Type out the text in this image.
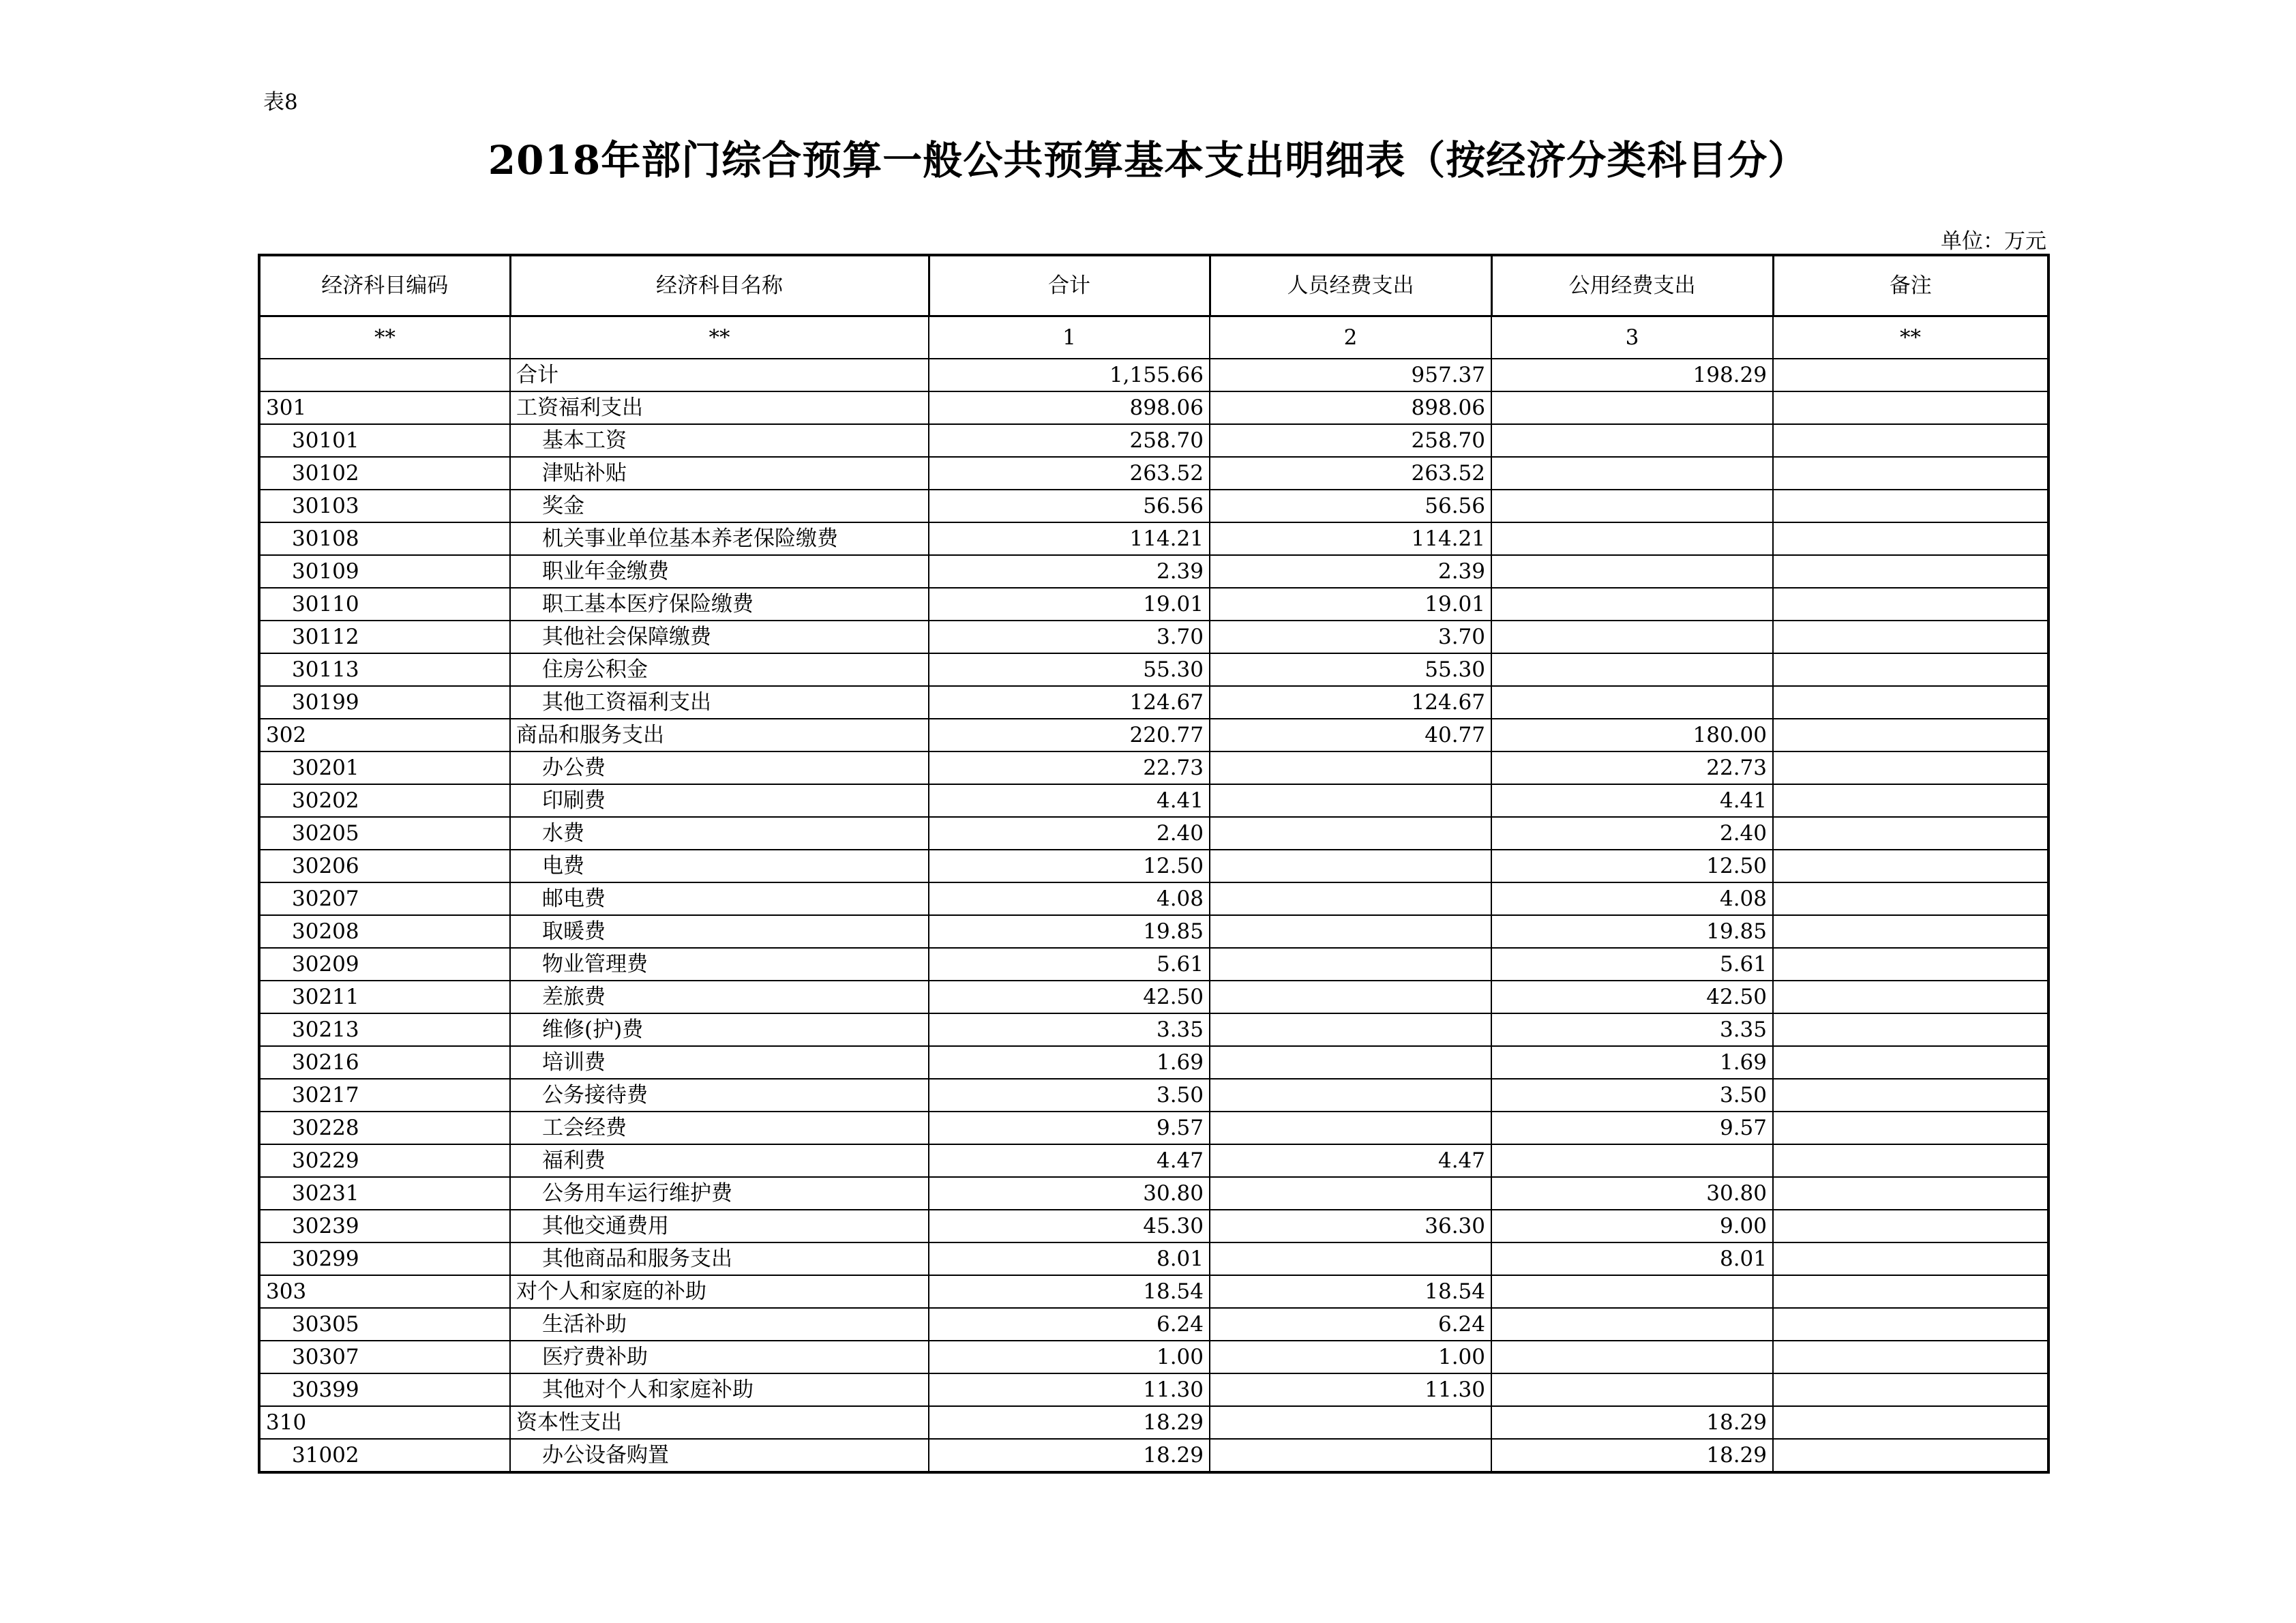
表8
2018年部门综合预算一般公共预算基本支出明细表（按经济分类科目分）
单位：万元
经济科目编码	经济科目名称	合计	人员经费支出	公用经费支出	备注
**	**	1	2	3	**
	合计	1,155.66	957.37	198.29	
301	工资福利支出	898.06	898.06		
30101	基本工资	258.70	258.70		
30102	津贴补贴	263.52	263.52		
30103	奖金	56.56	56.56		
30108	机关事业单位基本养老保险缴费	114.21	114.21		
30109	职业年金缴费	2.39	2.39		
30110	职工基本医疗保险缴费	19.01	19.01		
30112	其他社会保障缴费	3.70	3.70		
30113	住房公积金	55.30	55.30		
30199	其他工资福利支出	124.67	124.67		
302	商品和服务支出	220.77	40.77	180.00	
30201	办公费	22.73		22.73	
30202	印刷费	4.41		4.41	
30205	水费	2.40		2.40	
30206	电费	12.50		12.50	
30207	邮电费	4.08		4.08	
30208	取暖费	19.85		19.85	
30209	物业管理费	5.61		5.61	
30211	差旅费	42.50		42.50	
30213	维修(护)费	3.35		3.35	
30216	培训费	1.69		1.69	
30217	公务接待费	3.50		3.50	
30228	工会经费	9.57		9.57	
30229	福利费	4.47	4.47		
30231	公务用车运行维护费	30.80		30.80	
30239	其他交通费用	45.30	36.30	9.00	
30299	其他商品和服务支出	8.01		8.01	
303	对个人和家庭的补助	18.54	18.54		
30305	生活补助	6.24	6.24		
30307	医疗费补助	1.00	1.00		
30399	其他对个人和家庭补助	11.30	11.30		
310	资本性支出	18.29		18.29	
31002	办公设备购置	18.29		18.29	
